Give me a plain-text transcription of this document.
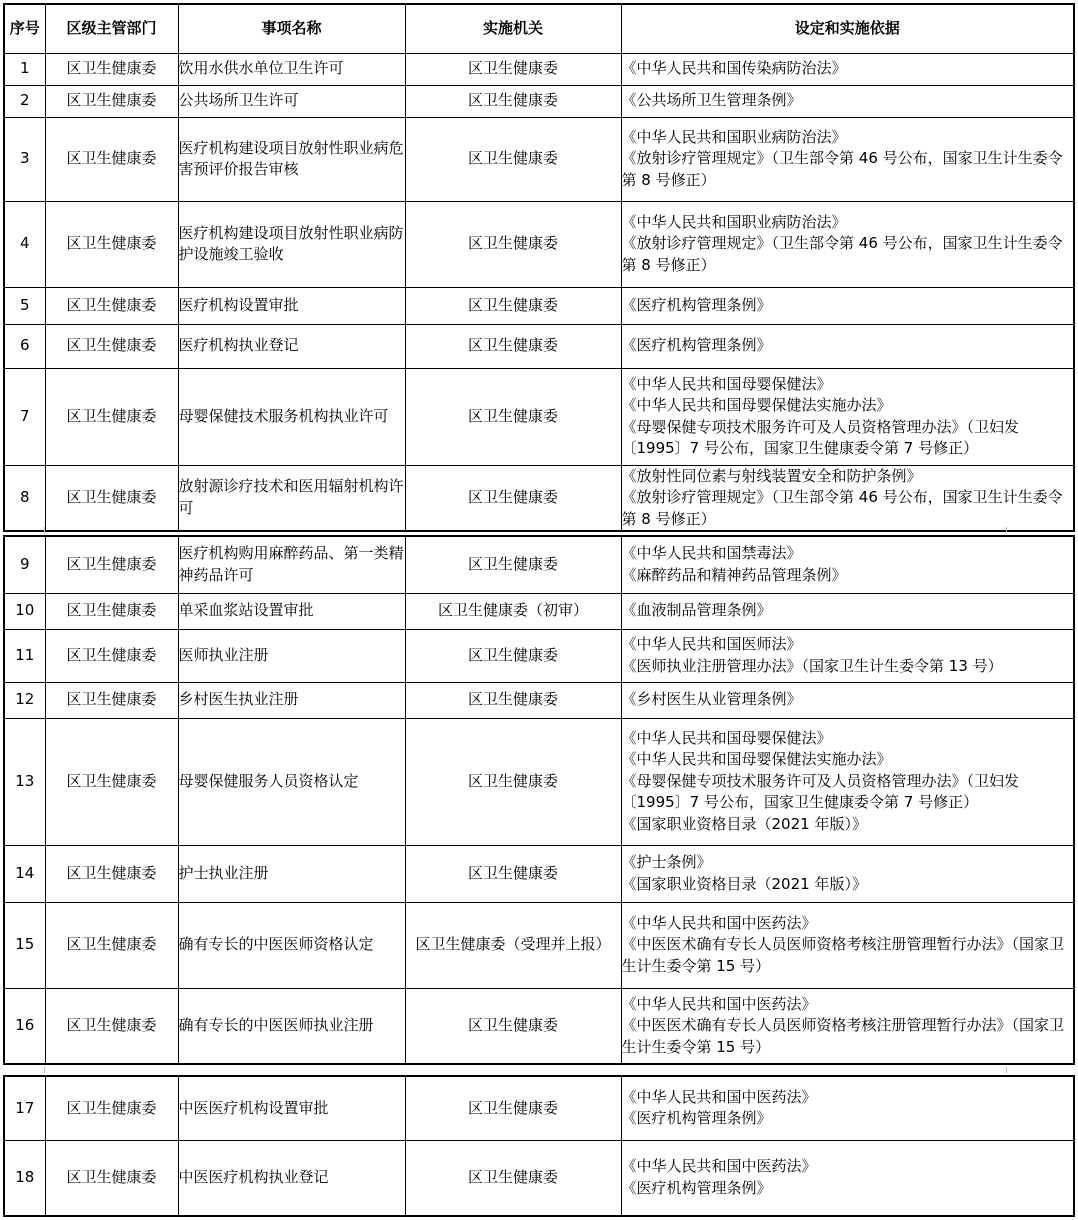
序号	区级主管部门	事项名称	实施机关	设定和实施依据
1	区卫生健康委	饮用水供水单位卫生许可	区卫生健康委	《中华人民共和国传染病防治法》
2	区卫生健康委	公共场所卫生许可	区卫生健康委	《公共场所卫生管理条例》
3	区卫生健康委	医疗机构建设项目放射性职业病危害预评价报告审核	区卫生健康委	《中华人民共和国职业病防治法》
《放射诊疗管理规定》（卫生部令第 46 号公布，国家卫生计生委令第 8 号修正）
4	区卫生健康委	医疗机构建设项目放射性职业病防护设施竣工验收	区卫生健康委	《中华人民共和国职业病防治法》
《放射诊疗管理规定》（卫生部令第 46 号公布，国家卫生计生委令第 8 号修正）
5	区卫生健康委	医疗机构设置审批	区卫生健康委	《医疗机构管理条例》
6	区卫生健康委	医疗机构执业登记	区卫生健康委	《医疗机构管理条例》
7	区卫生健康委	母婴保健技术服务机构执业许可	区卫生健康委	《中华人民共和国母婴保健法》
《中华人民共和国母婴保健法实施办法》
《母婴保健专项技术服务许可及人员资格管理办法》（卫妇发〔1995〕7 号公布，国家卫生健康委令第 7 号修正）
8	区卫生健康委	放射源诊疗技术和医用辐射机构许可	区卫生健康委	《放射性同位素与射线装置安全和防护条例》
《放射诊疗管理规定》（卫生部令第 46 号公布，国家卫生计生委令第 8 号修正）
9	区卫生健康委	医疗机构购用麻醉药品、第一类精神药品许可	区卫生健康委	《中华人民共和国禁毒法》
《麻醉药品和精神药品管理条例》
10	区卫生健康委	单采血浆站设置审批	区卫生健康委（初审）	《血液制品管理条例》
11	区卫生健康委	医师执业注册	区卫生健康委	《中华人民共和国医师法》
《医师执业注册管理办法》（国家卫生计生委令第 13 号）
12	区卫生健康委	乡村医生执业注册	区卫生健康委	《乡村医生从业管理条例》
13	区卫生健康委	母婴保健服务人员资格认定	区卫生健康委	《中华人民共和国母婴保健法》
《中华人民共和国母婴保健法实施办法》
《母婴保健专项技术服务许可及人员资格管理办法》（卫妇发〔1995〕7 号公布，国家卫生健康委令第 7 号修正）
《国家职业资格目录（2021 年版）》
14	区卫生健康委	护士执业注册	区卫生健康委	《护士条例》
《国家职业资格目录（2021 年版）》
15	区卫生健康委	确有专长的中医医师资格认定	区卫生健康委（受理并上报）	《中华人民共和国中医药法》
《中医医术确有专长人员医师资格考核注册管理暂行办法》（国家卫生计生委令第 15 号）
16	区卫生健康委	确有专长的中医医师执业注册	区卫生健康委	《中华人民共和国中医药法》
《中医医术确有专长人员医师资格考核注册管理暂行办法》（国家卫生计生委令第 15 号）
17	区卫生健康委	中医医疗机构设置审批	区卫生健康委	《中华人民共和国中医药法》
《医疗机构管理条例》
18	区卫生健康委	中医医疗机构执业登记	区卫生健康委	《中华人民共和国中医药法》
《医疗机构管理条例》
